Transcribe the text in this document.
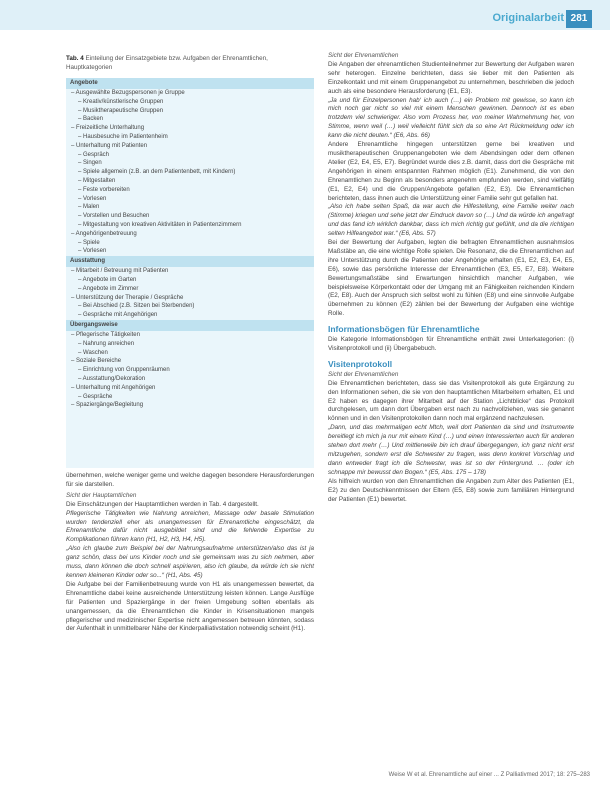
Originalarbeit 281
Tab. 4 Einteilung der Einsatzgebiete bzw. Aufgaben der Ehrenamtlichen, Hauptkategorien
Angebote
– Ausgewählte Bezugspersonen je Gruppe
– Kreativ/künstlerische Gruppen
– Musiktherapeutische Gruppen
– Backen
– Freizeitliche Unterhaltung
– Hausbesuche im Patientenheim
– Unterhaltung mit Patienten
– Gespräch
– Singen
– Spiele allgemein (z.B. an dem Patientenbett, mit Kindern)
– Mitgestalten
– Feste vorbereiten
– Vorlesen
– Malen
– Vorstellen und Besuchen
– Mitgestaltung von kreativen Aktivitäten in Patientenzimmern
– Angehörigenbetreuung
– Spiele
– Vorlesen
Ausstattung
– Mitarbeit / Betreuung mit Patienten
– Angebote im Garten
– Angebote im Zimmer
– Unterstützung der Therapie / Gespräche
– Bei Abschied (z.B. Sitzen bei Sterbenden)
– Gespräche mit Angehörigen
Übergangsweise
– Pflegerische Tätigkeiten
– Nahrung anreichen
– Waschen
– Soziale Bereiche
– Einrichtung von Gruppenräumen
– Ausstattung/Dekoration
– Unterhaltung mit Angehörigen
– Gespräche
– Spaziergänge/Begleitung

übernehmen, welche weniger gerne und welche dagegen besondere Herausforderungen für sie darstellen.

Sicht der Hauptamtlichen

Die Einschätzungen der Hauptamtlichen werden in Tab. 4 dargestellt.

Pflegerische Tätigkeiten wie Nahrung anreichen, Massage oder basale Stimulation wurden tendenziell eher als unangemessen für Ehrenamtliche eingeschätzt, da Ehrenamtliche dafür nicht ausgebildet sind und die fehlende Expertise zu Komplikationen führen kann (H1, H2, H3, H4, H5).

„Also ich glaube zum Beispiel bei der Nahrungsaufnahme unterstützen/also das ist ja ganz schön, dass bei uns Kinder noch und sie gemeinsam was zu sich nehmen, aber muss, dann können die doch schnell aspirieren, also ich glaube, da würde ich sie nicht kennen kleineren Kinder oder so...“ (H1, Abs. 45)

Die Aufgabe bei der Familienbetreuung wurde von H1 als unangemessen bewertet, da Ehrenamtliche dabei keine ausreichende Unterstützung leisten können. Lange Ausflüge für Patienten und Spaziergänge in der freien Umgebung sollten ebenfalls als unangemessen, da die Ehrenamtlichen die Kinder in Krisensituationen mangels pflegerischer und medizinischer Expertise nicht angemessen betreuen könnten, sodass der Aufenthalt in unmittelbarer Nähe der Kinderpalliativstation notwendig scheint (H1).

Sicht der Ehrenamtlichen

Die Angaben der ehrenamtlichen Studienteilnehmer zur Bewertung der Aufgaben waren sehr heterogen. Einzelne berichteten, dass sie lieber mit den Patienten als Einzelkontakt und mit einem Gruppenangebot zu unternehmen, beschrieben die jedoch auch als eine besondere Herausforderung (E1, E3).

„Ja und für Einzelpersonen hab‘ ich auch (…) ein Problem mit gewisse, so kann ich mich noch gar nicht so viel mit einem Menschen gewinnen. Dennoch ist es eben trotzdem viel schwieriger. Also vom Prozess her, von meiner Wahrnehmung her, von Stimme, wenn weil (…) weil vielleicht fühlt sich da so eine Art Rückmeldung oder ich kann die nicht deuten.“ (E6, Abs. 66)

Andere Ehrenamtliche hingegen unterstützen gerne bei kreativen und musiktherapeutischen Gruppenangeboten wie dem Abendsingen oder dem offenen Atelier (E2, E4, E5, E7). Begründet wurde dies z.B. damit, dass dort die Gespräche mit Angehörigen in einem entspannten Rahmen möglich (E1). Zunehmend, die von den Ehrenamtlichen zu Beginn als besonders angenehm empfunden werden, sind vielfältig (E1, E2, E4) und die Gruppen/Angebote gefallen (E2, E3). Die Ehrenamtlichen berichteten, dass ihnen auch die Unterstützung einer Familie sehr gut gefallen hat.

„Also ich habe selten Spaß, da war auch die Hilfestellung, eine Familie weiter nach (Stimme) kriegen und sehe jetzt der Eindruck davon so (…) Und da würde ich angefragt und das fand ich wirklich dankbar, dass ich mich richtig gut gefühlt, und da die richtigen selten Hilfeangebot war.“ (E6, Abs. 57)

Bei der Bewertung der Aufgaben, legten die befragten Ehrenamtlichen ausnahmslos Maßstäbe an, die eine wichtige Rolle spielen. Die Resonanz, die die Ehrenamtlichen auf ihre Unterstützung durch die Patienten oder Angehörige erhalten (E1, E2, E3, E4, E5, E6), sowie das persönliche Interesse der Ehrenamtlichen (E3, E5, E7, E8). Weitere Bewertungsmaßstäbe sind Erwartungen hinsichtlich mancher Aufgaben, wie beispielsweise Körperkontakt oder der Umgang mit an Fähigkeiten reichenden Kindern (E2, E8). Auch der Anspruch sich selbst wohl zu fühlen (E8) und eine sinnvolle Aufgabe übernehmen zu können (E2) zählen bei der Bewertung der Aufgaben eine wichtige Rolle.

Informationsbögen für Ehrenamtliche

Die Kategorie Informationsbögen für Ehrenamtliche enthält zwei Unterkategorien: (i) Visitenprotokoll und (ii) Übergabebuch.

Visitenprotokoll

Sicht der Ehrenamtlichen

Die Ehrenamtlichen berichteten, dass sie das Visitenprotokoll als gute Ergänzung zu den Informationen sehen, die sie von den hauptamtlichen Mitarbeitern erhalten, E1 und E2 haben es dagegen ihrer Mitarbeit auf der Station „Lichtblicke“ das Protokoll durchgelesen, um dann dort Übergaben erst nach zu nachvollziehen, was sie genannt können und in den Visitenprotokollen dann noch mal ergänzend nachzulesen.

„Dann, und das mehrmaligen echt Mtch, weil dort Patienten da sind und Instrumente bereitlegt ich mich ja nur mit einem Kind (…) und einen Interessierten auch für anderen stehen dort mehr (…) Und mittlerweile bin ich drauf übergegangen, ich ganz nicht erst mitzugehen, sondern erst die Schwester zu fragen, was denn konkret Vorschlag und dann entweder fragt ich die Schwester, was ist so der Hintergrund. … (oder ich schnappe mir bewusst den Bogen.“ (E5, Abs. 175 – 178)

Als hilfreich wurden von den Ehrenamtlichen die Angaben zum Alter des Patienten (E1, E2) zu den Deutschkenntnissen der Eltern (E5, E8) sowie zum familiären Hintergrund der Patienten (E1) bewertet.

Weise W et al. Ehrenamtliche auf einer ... Z Palliativmed 2017; 18: 275–283
